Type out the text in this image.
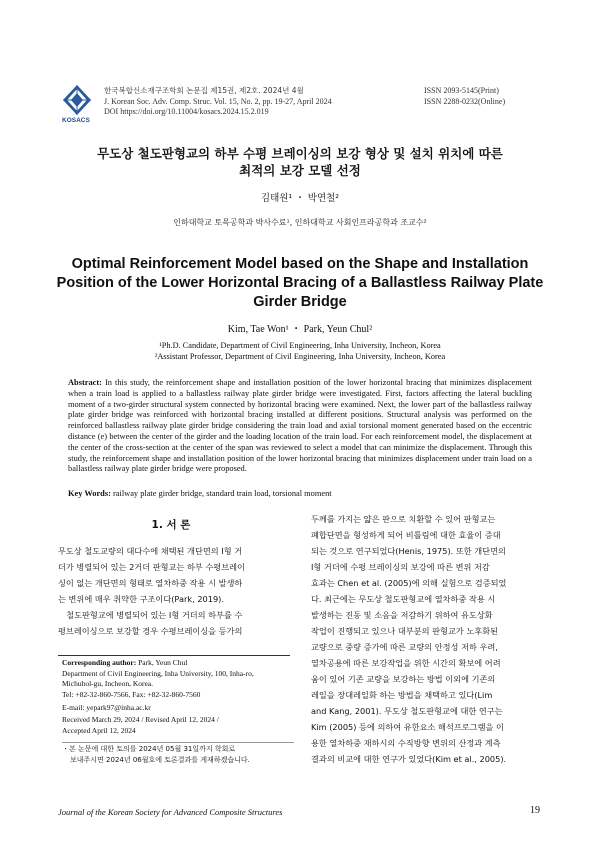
KOSACS
한국복합신소재구조학회 논문집 제15권, 제2호. 2024년 4월
J. Korean Soc. Adv. Comp. Struc. Vol. 15, No. 2, pp. 19-27, April 2024
DOI https://doi.org/10.11004/kosacs.2024.15.2.019
ISSN 2093-5145(Print)
ISSN 2288-0232(Online)
무도상 철도판형교의 하부 수평 브레이싱의 보강 형상 및 설치 위치에 따른
최적의 보강 모델 선정
김태원¹ ・ 박연철²
인하대학교 토목공학과 박사수료¹, 인하대학교 사회인프라공학과 조교수²
Optimal Reinforcement Model based on the Shape and Installation
Position of the Lower Horizontal Bracing of a Ballastless Railway Plate
Girder Bridge
Kim, Tae Won¹ ・ Park, Yeun Chul²
¹Ph.D. Candidate, Department of Civil Engineering, Inha University, Incheon, Korea
²Assistant Professor, Department of Civil Engineering, Inha University, Incheon, Korea
Abstract: In this study, the reinforcement shape and installation position of the lower horizontal bracing that minimizes displacement when a train load is applied to a ballastless railway plate girder bridge were investigated. First, factors affecting the lateral buckling moment of a two-girder structural system connected by horizontal bracing were examined. Next, the lower part of the ballastless railway plate girder bridge was reinforced with horizontal bracing installed at different positions. Structural analysis was performed on the reinforced ballastless railway plate girder bridge considering the train load and axial torsional moment generated based on the eccentric distance (e) between the center of the girder and the loading location of the train load. For each reinforcement model, the displacement at the center of the cross-section at the center of the span was reviewed to select a model that can minimize the displacement. Through this study, the reinforcement shape and installation position of the lower horizontal bracing that minimizes displacement under train load on a ballastless railway plate girder bridge were proposed.
Key Words: railway plate girder bridge, standard train load, torsional moment
1. 서 론
무도상 철도교량의 대다수에 채택된 개단면의 I형 거
더가 병렬되어 있는 2거더 판형교는 하부 수평브레이
싱이 없는 개단면의 형태로 열차하중 작용 시 발생하
는 변위에 매우 취약한 구조이다(Park, 2019).
　철도판형교에 병렬되어 있는 I형 거더의 하부를 수
평브레이싱으로 보강할 경우 수평브레이싱을 등가의
두께를 가지는 얇은 판으로 치환할 수 있어 판형교는
폐합단면을 형성하게 되어 비틀림에 대한 효율이 증대
되는 것으로 연구되었다(Henis, 1975). 또한 개단면의
I형 거더에 수평 브레이싱의 보강에 따른 변위 저감
효과는 Chen et al. (2005)에 의해 실험으로 검증되었
다. 최근에는 무도상 철도판형교에 열차하중 작용 시
발생하는 진동 및 소음을 저감하기 위하여 유도상화
작업이 진행되고 있으나 대부분의 판형교가 노후화된
교량으로 중량 증가에 따른 교량의 안정성 저하 우려,
열차공용에 따른 보강작업을 위한 시간의 확보에 어려
움이 있어 기존 교량을 보강하는 방법 이외에 기존의
레일을 장대레일화 하는 방법을 채택하고 있다(Lim
and Kang, 2001). 무도상 철도판형교에 대한 연구는
Kim (2005) 등에 의하여 유한요소 해석프로그램을 이
용한 열차하중 재하시의 수직방향 변위의 산정과 계측
결과의 비교에 대한 연구가 있었다(Kim et al., 2005).
Corresponding author: Park, Yeun Chul
Department of Civil Engineering, Inha University, 100, Inha-ro,
Michuhol-gu, Incheon, Korea.
Tel: +82-32-860-7566, Fax: +82-32-860-7560
E-mail: yepark97@inha.ac.kr
Received March 29, 2024 / Revised April 12, 2024 /
Accepted April 12, 2024
・본 논문에 대한 토의를 2024년 05월 31일까지 학회로
보내주시면 2024년 06월호에 토론결과를 게재하겠습니다.
Journal of the Korean Society for Advanced Composite Structures	19
